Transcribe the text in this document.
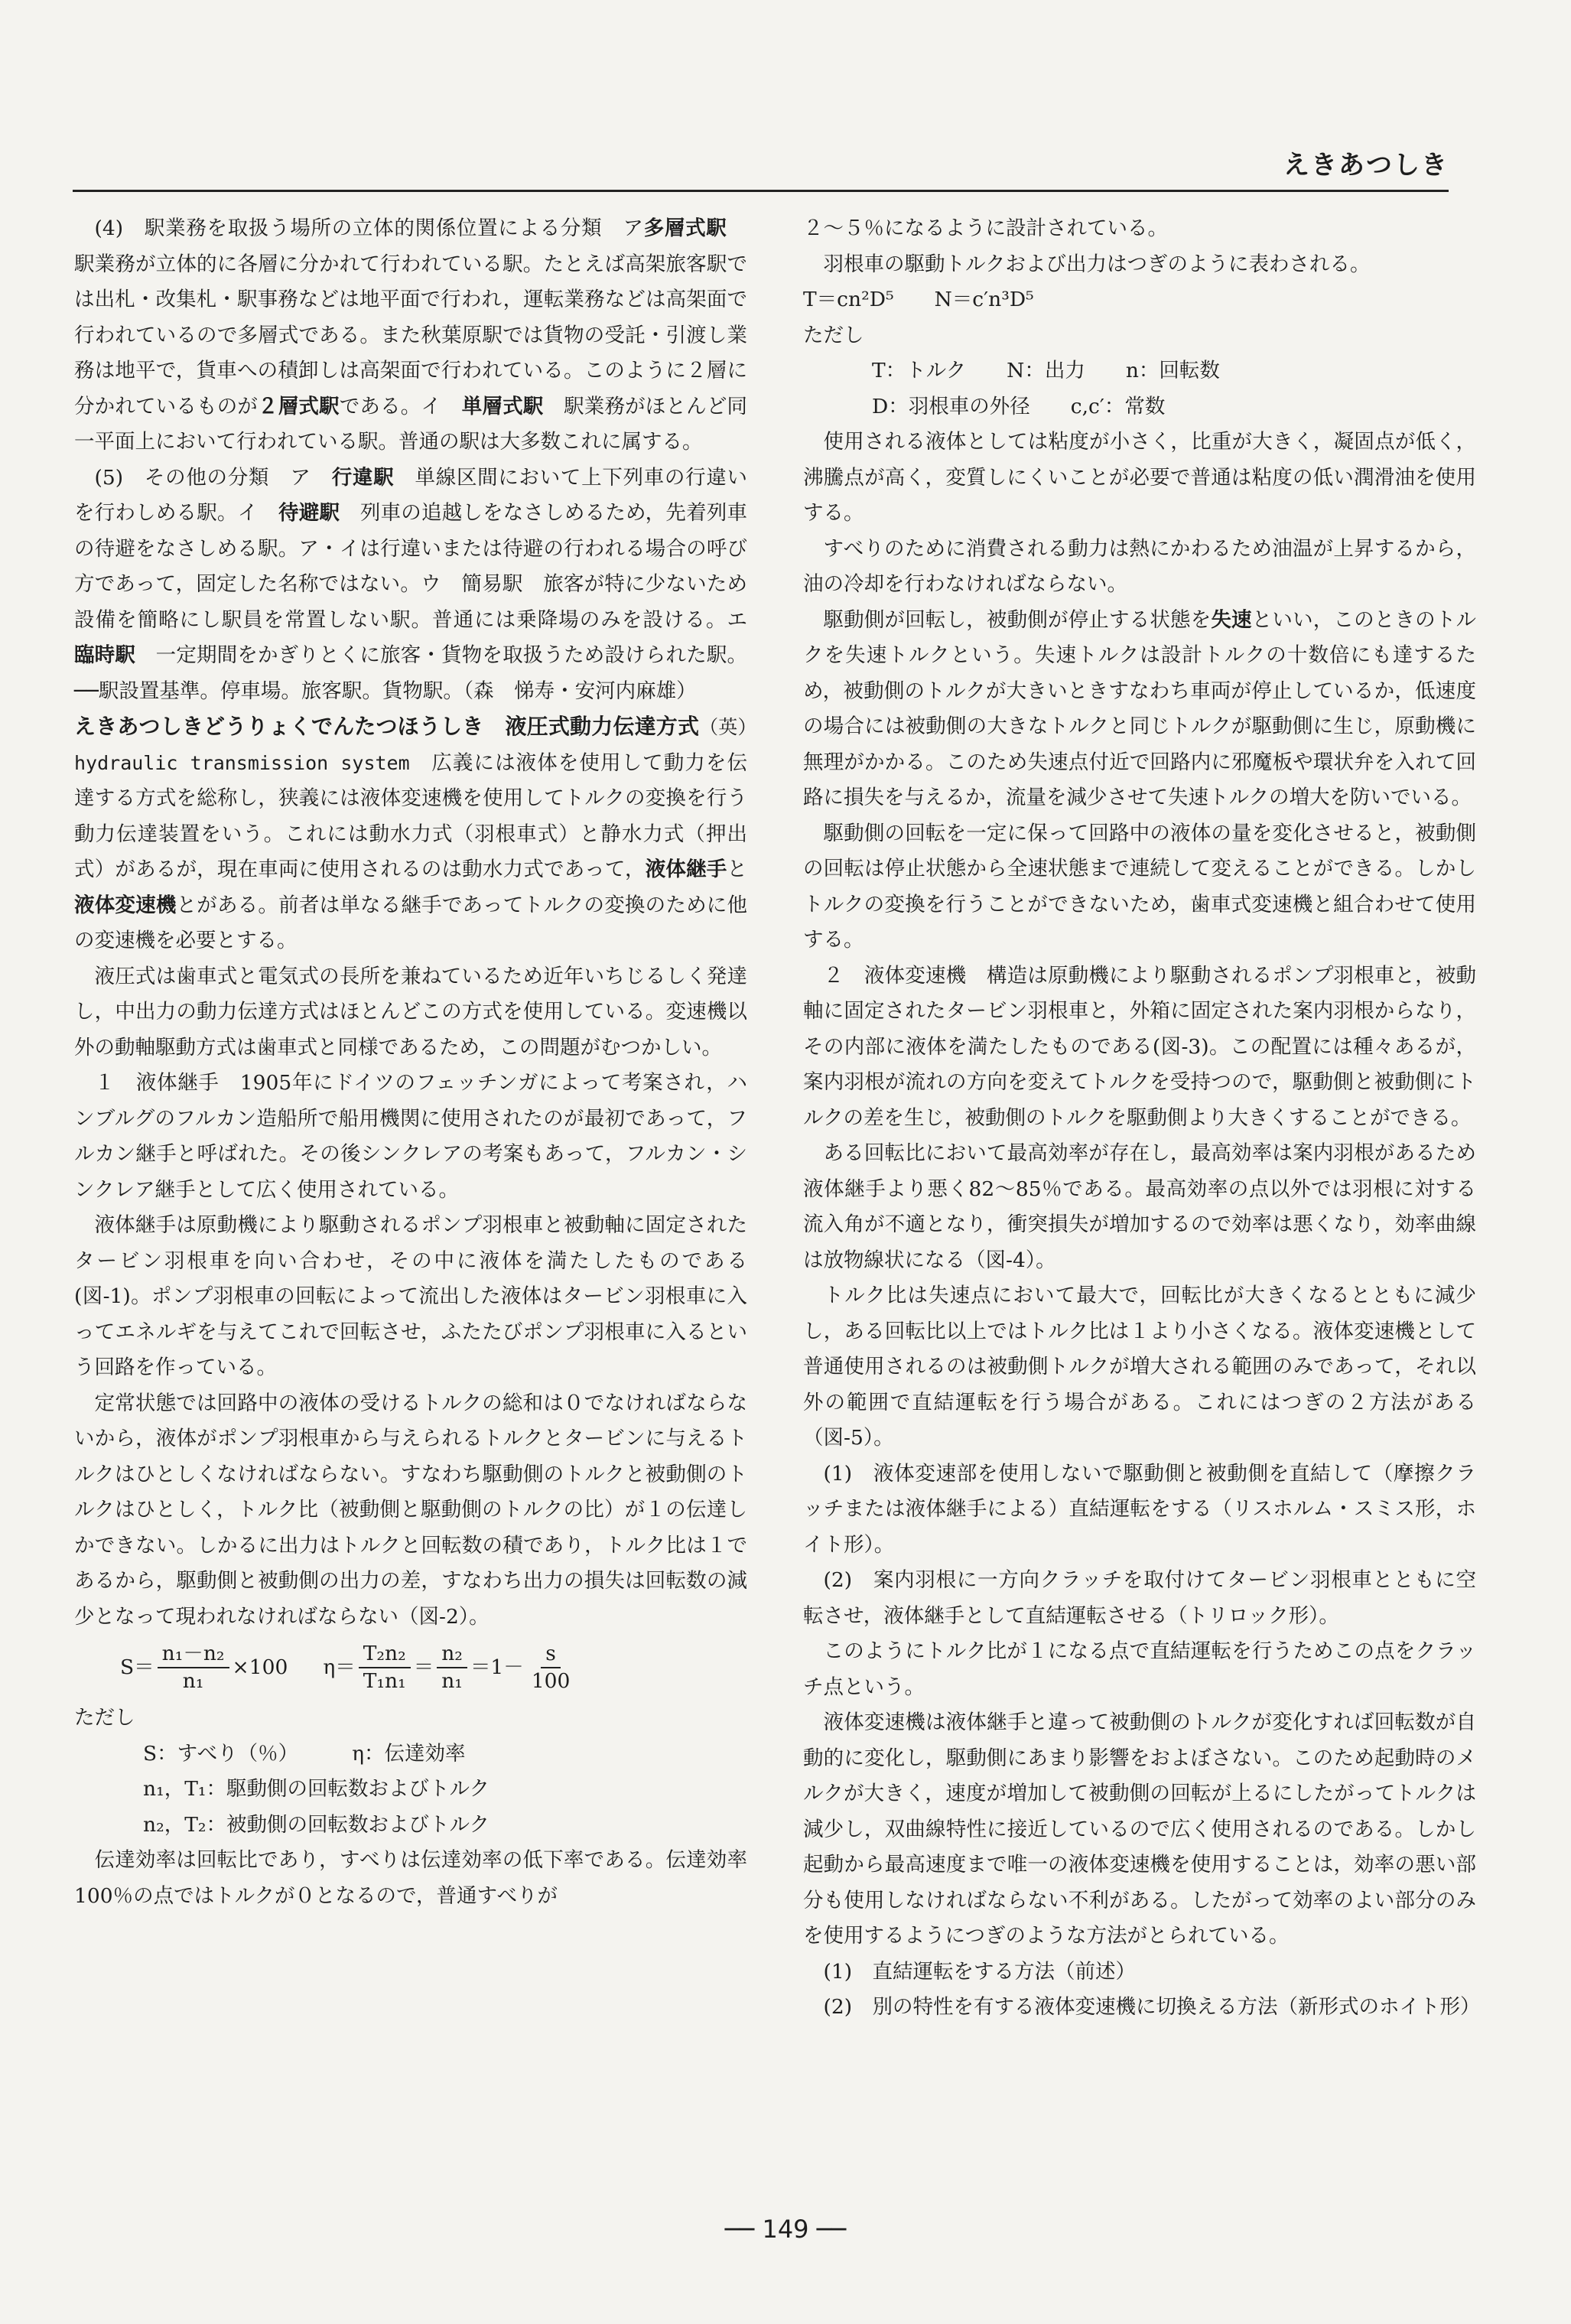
えきあつしき

(4)　駅業務を取扱う場所の立体的関係位置による分類　ア多層式駅　駅業務が立体的に各層に分かれて行われている駅。たとえば高架旅客駅では出札・改集札・駅事務などは地平面で行われ，運転業務などは高架面で行われているので多層式である。また秋葉原駅では貨物の受託・引渡し業務は地平で，貨車への積卸しは高架面で行われている。このように２層に分かれているものが２層式駅である。イ　単層式駅　駅業務がほとんど同一平面上において行われている駅。普通の駅は大多数これに属する。

(5)　その他の分類　ア　行違駅　単線区間において上下列車の行違いを行わしめる駅。イ　待避駅　列車の追越しをなさしめるため，先着列車の待避をなさしめる駅。ア・イは行違いまたは待避の行われる場合の呼び方であって，固定した名称ではない。ウ　簡易駅　旅客が特に少ないため設備を簡略にし駅員を常置しない駅。普通には乗降場のみを設ける。エ　臨時駅　一定期間をかぎりとくに旅客・貨物を取扱うため設けられた駅。──駅設置基準。停車場。旅客駅。貨物駅。（森　悌寿・安河内麻雄）

えきあつしきどうりょくでんたつほうしき　液圧式動力伝達方式（英）hydraulic transmission system　広義には液体を使用して動力を伝達する方式を総称し，狭義には液体変速機を使用してトルクの変換を行う動力伝達装置をいう。これには動水力式（羽根車式）と静水力式（押出式）があるが，現在車両に使用されるのは動水力式であって，液体継手と液体変速機とがある。前者は単なる継手であってトルクの変換のために他の変速機を必要とする。

液圧式は歯車式と電気式の長所を兼ねているため近年いちじるしく発達し，中出力の動力伝達方式はほとんどこの方式を使用している。変速機以外の動軸駆動方式は歯車式と同様であるため，この問題がむつかしい。

１　液体継手　1905年にドイツのフェッチンガによって考案され，ハンブルグのフルカン造船所で船用機関に使用されたのが最初であって，フルカン継手と呼ばれた。その後シンクレアの考案もあって，フルカン・シンクレア継手として広く使用されている。

液体継手は原動機により駆動されるポンプ羽根車と被動軸に固定されたタービン羽根車を向い合わせ，その中に液体を満たしたものである(図-1)。ポンプ羽根車の回転によって流出した液体はタービン羽根車に入ってエネルギを与えてこれで回転させ，ふたたびポンプ羽根車に入るという回路を作っている。

定常状態では回路中の液体の受けるトルクの総和は０でなければならないから，液体がポンプ羽根車から与えられるトルクとタービンに与えるトルクはひとしくなければならない。すなわち駆動側のトルクと被動側のトルクはひとしく，トルク比（被動側と駆動側のトルクの比）が１の伝達しかできない。しかるに出力はトルクと回転数の積であり，トルク比は１であるから，駆動側と被動側の出力の差，すなわち出力の損失は回転数の減少となって現われなければならない（図-2）。

$S= \frac{\text{n₁－n₂}}{\text{n₁}} \times 100$ $\eta= \frac{\text{T₂n₂}}{\text{T₁n₁}} = \frac{\text{n₂}}{\text{n₁}} =1- \frac{s}{100}$

ただし

S：すべり（％）	η：伝達効率
n₁，T₁：駆動側の回転数およびトルク
n₂，T₂：被動側の回転数およびトルク

伝達効率は回転比であり，すべりは伝達効率の低下率である。伝達効率100％の点ではトルクが０となるので，普通すべりが

２～５％になるように設計されている。

羽根車の駆動トルクおよび出力はつぎのように表わされる。

T＝cn²D⁵　　N＝c′n³D⁵

ただし

T：トルク　　N：出力　　n：回転数
D：羽根車の外径　　c,c′：常数

使用される液体としては粘度が小さく，比重が大きく，凝固点が低く，沸騰点が高く，変質しにくいことが必要で普通は粘度の低い潤滑油を使用する。

すべりのために消費される動力は熱にかわるため油温が上昇するから，油の冷却を行わなければならない。

駆動側が回転し，被動側が停止する状態を失速といい，このときのトルクを失速トルクという。失速トルクは設計トルクの十数倍にも達するため，被動側のトルクが大きいときすなわち車両が停止しているか，低速度の場合には被動側の大きなトルクと同じトルクが駆動側に生じ，原動機に無理がかかる。このため失速点付近で回路内に邪魔板や環状弁を入れて回路に損失を与えるか，流量を減少させて失速トルクの増大を防いでいる。

駆動側の回転を一定に保って回路中の液体の量を変化させると，被動側の回転は停止状態から全速状態まで連続して変えることができる。しかしトルクの変換を行うことができないため，歯車式変速機と組合わせて使用する。

２　液体変速機　構造は原動機により駆動されるポンプ羽根車と，被動軸に固定されたタービン羽根車と，外箱に固定された案内羽根からなり，その内部に液体を満たしたものである(図-3)。この配置には種々あるが，案内羽根が流れの方向を変えてトルクを受持つので，駆動側と被動側にトルクの差を生じ，被動側のトルクを駆動側より大きくすることができる。

ある回転比において最高効率が存在し，最高効率は案内羽根があるため液体継手より悪く82～85％である。最高効率の点以外では羽根に対する流入角が不適となり，衝突損失が増加するので効率は悪くなり，効率曲線は放物線状になる（図-4）。

トルク比は失速点において最大で，回転比が大きくなるとともに減少し，ある回転比以上ではトルク比は１より小さくなる。液体変速機として普通使用されるのは被動側トルクが増大される範囲のみであって，それ以外の範囲で直結運転を行う場合がある。これにはつぎの２方法がある（図-5）。

(1)　液体変速部を使用しないで駆動側と被動側を直結して（摩擦クラッチまたは液体継手による）直結運転をする（リスホルム・スミス形，ホイト形）。

(2)　案内羽根に一方向クラッチを取付けてタービン羽根車とともに空転させ，液体継手として直結運転させる（トリロック形）。

このようにトルク比が１になる点で直結運転を行うためこの点をクラッチ点という。

液体変速機は液体継手と違って被動側のトルクが変化すれば回転数が自動的に変化し，駆動側にあまり影響をおよぼさない。このため起動時のメルクが大きく，速度が増加して被動側の回転が上るにしたがってトルクは減少し，双曲線特性に接近しているので広く使用されるのである。しかし起動から最高速度まで唯一の液体変速機を使用することは，効率の悪い部分も使用しなければならない不利がある。したがって効率のよい部分のみを使用するようにつぎのような方法がとられている。

(1)　直結運転をする方法（前述）

(2)　別の特性を有する液体変速機に切換える方法（新形式のホイト形）

── 149 ──
